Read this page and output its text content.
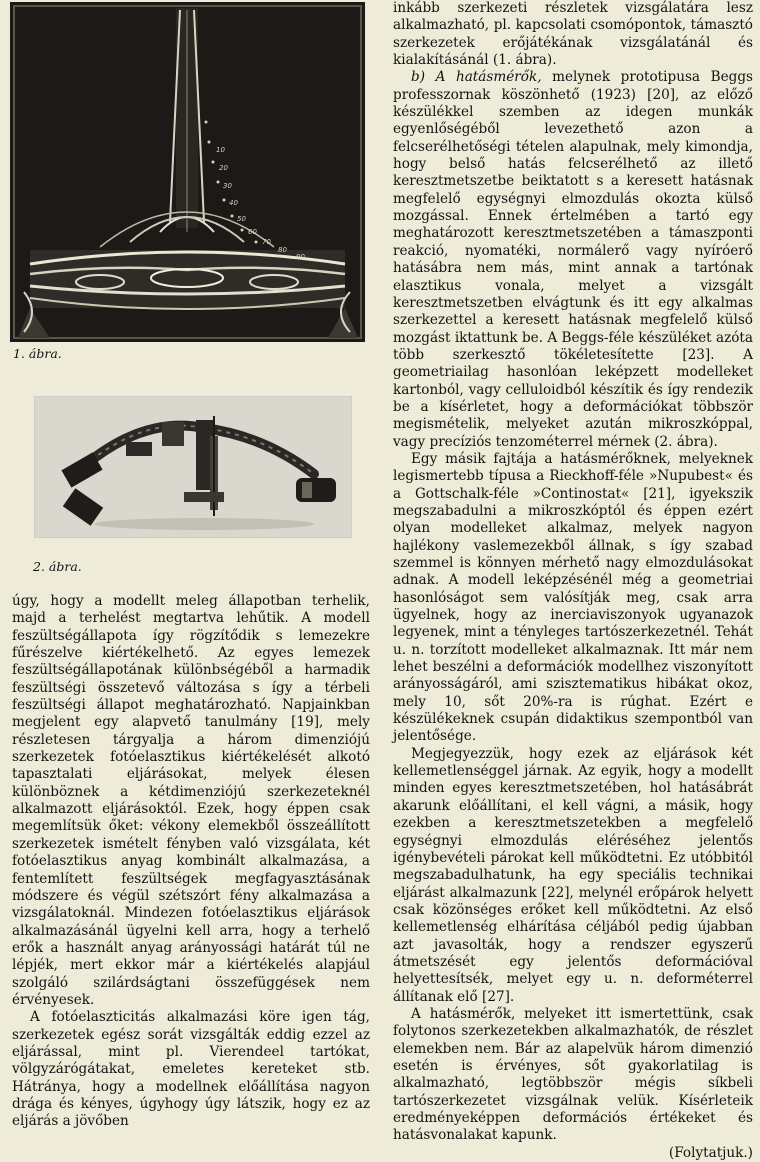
10
20
30
40
50
60
70
80
90
1. ábra.
2. ábra.

úgy, hogy a modellt meleg állapotban terhelik, majd a terhelést megtartva lehűtik. A modell feszültségállapota így rögzítődik s lemezekre fűrészelve kiértékelhető. Az egyes lemezek feszültségállapotának különbségéből a harmadik feszültségi összetevő változása s így a térbeli feszültségi állapot meghatározható. Napjainkban megjelent egy alapvető tanulmány [19], mely részletesen tárgyalja a három dimenziójú szerkezetek fotóelasztikus kiértékelését alkotó tapasztalati eljárásokat, melyek élesen különböznek a kétdimenziójú szerkezeteknél alkalmazott eljárásoktól. Ezek, hogy éppen csak megemlítsük őket: vékony elemekből összeállított szerkezetek ismételt fényben való vizsgálata, két fotóelasztikus anyag kombinált alkalmazása, a fentemlített feszültségek megfagyasztásának módszere és végül szétszórt fény alkalmazása a vizsgálatoknál. Mindezen fotóelasztikus eljárások alkalmazásánál ügyelni kell arra, hogy a terhelő erők a használt anyag arányossági határát túl ne lépjék, mert ekkor már a kiértékelés alapjául szolgáló szilárdságtani összefüggések nem érvényesek.

A fotóelaszticitás alkalmazási köre igen tág, szerkezetek egész sorát vizsgálták eddig ezzel az eljárással, mint pl. Vierendeel tartókat, völgyzárógátakat, emeletes kereteket stb. Hátránya, hogy a modellnek előállítása nagyon drága és kényes, úgyhogy úgy látszik, hogy ez az eljárás a jövőben

inkább szerkezeti részletek vizsgálatára lesz alkalmazható, pl. kapcsolati csomópontok, támasztó szerkezetek erőjátékának vizsgálatánál és kialakításánál (1. ábra).

b) A hatásmérők, melynek prototipusa Beggs professzornak köszönhető (1923) [20], az előző készülékkel szemben az idegen munkák egyenlőségéből levezethető azon a felcserélhetőségi tételen alapulnak, mely kimondja, hogy belső hatás felcserélhető az illető keresztmetszetbe beiktatott s a keresett hatásnak megfelelő egységnyi elmozdulás okozta külső mozgással. Ennek értelmében a tartó egy meghatározott keresztmetszetében a támaszponti reakció, nyomatéki, normálerő vagy nyíróerő hatásábra nem más, mint annak a tartónak elasztikus vonala, melyet a vizsgált keresztmetszetben elvágtunk és itt egy alkalmas szerkezettel a keresett hatásnak megfelelő külső mozgást iktattunk be. A Beggs-féle készüléket azóta több szerkesztő tökéletesítette [23]. A geometriailag hasonlóan leképzett modelleket kartonból, vagy celluloidból készítik és így rendezik be a kísérletet, hogy a deformációkat többször megismételik, melyeket azután mikroszkóppal, vagy precíziós tenzométerrel mérnek (2. ábra).

Egy másik fajtája a hatásmérőknek, melyeknek legismertebb típusa a Rieckhoff-féle »Nupubest« és a Gottschalk-féle »Continostat« [21], igyekszik megszabadulni a mikroszkóptól és éppen ezért olyan modelleket alkalmaz, melyek nagyon hajlékony vaslemezekből állnak, s így szabad szemmel is könnyen mérhető nagy elmozdulásokat adnak. A modell leképzésénél még a geometriai hasonlóságot sem valósítják meg, csak arra ügyelnek, hogy az inerciaviszonyok ugyanazok legyenek, mint a tényleges tartószerkezetnél. Tehát u. n. torzított modelleket alkalmaznak. Itt már nem lehet beszélni a deformációk modellhez viszonyított arányosságáról, ami szisztematikus hibákat okoz, mely 10, sőt 20%-ra is rúghat. Ezért e készülékeknek csupán didaktikus szempontból van jelentősége.

Megjegyezzük, hogy ezek az eljárások két kellemetlenséggel járnak. Az egyik, hogy a modellt minden egyes keresztmetszetében, hol hatásábrát akarunk előállítani, el kell vágni, a másik, hogy ezekben a keresztmetszetekben a megfelelő egységnyi elmozdulás eléréséhez jelentős igénybevételi párokat kell működtetni. Ez utóbbitól megszabadulhatunk, ha egy speciális technikai eljárást alkalmazunk [22], melynél erőpárok helyett csak közönséges erőket kell működtetni. Az első kellemetlenség elhárítása céljából pedig újabban azt javasolták, hogy a rendszer egyszerű átmetszését egy jelentős deformációval helyettesítsék, melyet egy u. n. deforméterrel állítanak elő [27].

A hatásmérők, melyeket itt ismertettünk, csak folytonos szerkezetekben alkalmazhatók, de részlet elemekben nem. Bár az alapelvük három dimenzió esetén is érvényes, sőt gyakorlatilag is alkalmazható, legtöbbször mégis síkbeli tartószerkezetet vizsgálnak velük. Kísérleteik eredményeképpen deformációs értékeket és hatásvonalakat kapunk.

(Folytatjuk.)
